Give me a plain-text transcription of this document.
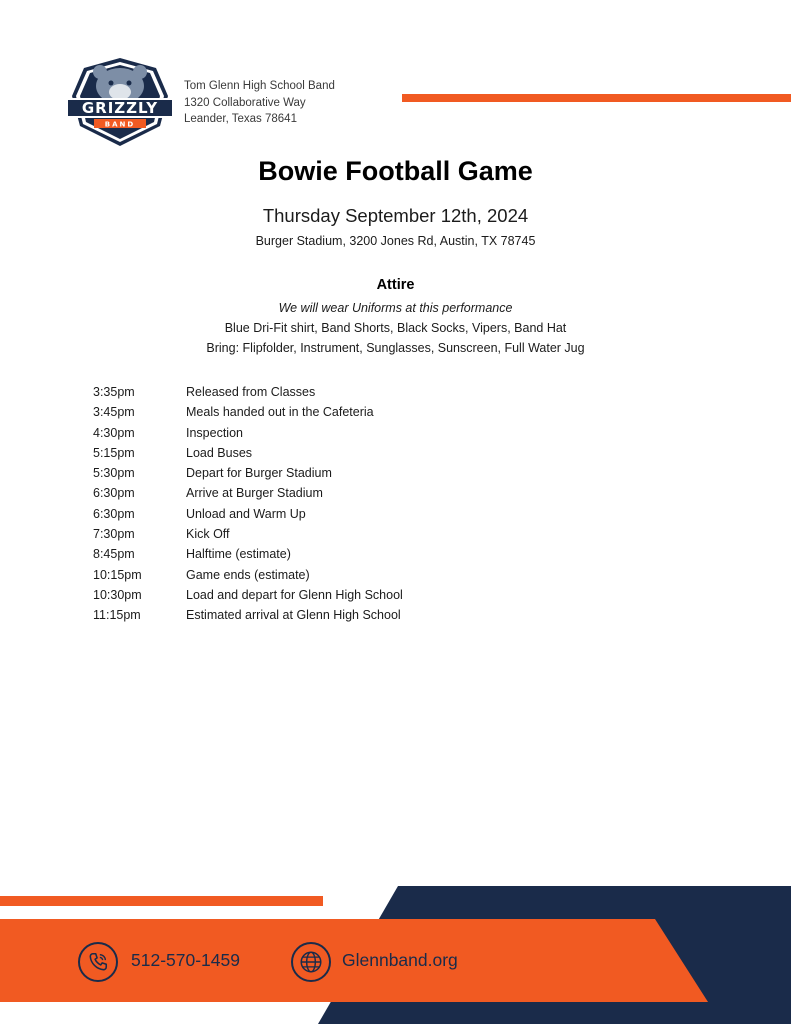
GRIZZLY
BAND
Tom Glenn High School Band
1320 Collaborative Way
Leander, Texas 78641
Bowie Football Game
Thursday September 12th, 2024
Burger Stadium, 3200 Jones Rd, Austin, TX 78745
Attire
We will wear Uniforms at this performance
Blue Dri-Fit shirt, Band Shorts, Black Socks, Vipers, Band Hat
Bring: Flipfolder, Instrument, Sunglasses, Sunscreen, Full Water Jug
3:35pm	Released from Classes
3:45pm	Meals handed out in the Cafeteria
4:30pm	Inspection
5:15pm	Load Buses
5:30pm	Depart for Burger Stadium
6:30pm	Arrive at Burger Stadium
6:30pm	Unload and Warm Up
7:30pm	Kick Off
8:45pm	Halftime (estimate)
10:15pm	Game ends (estimate)
10:30pm	Load and depart for Glenn High School
11:15pm	Estimated arrival at Glenn High School
512-570-1459	Glennband.org
